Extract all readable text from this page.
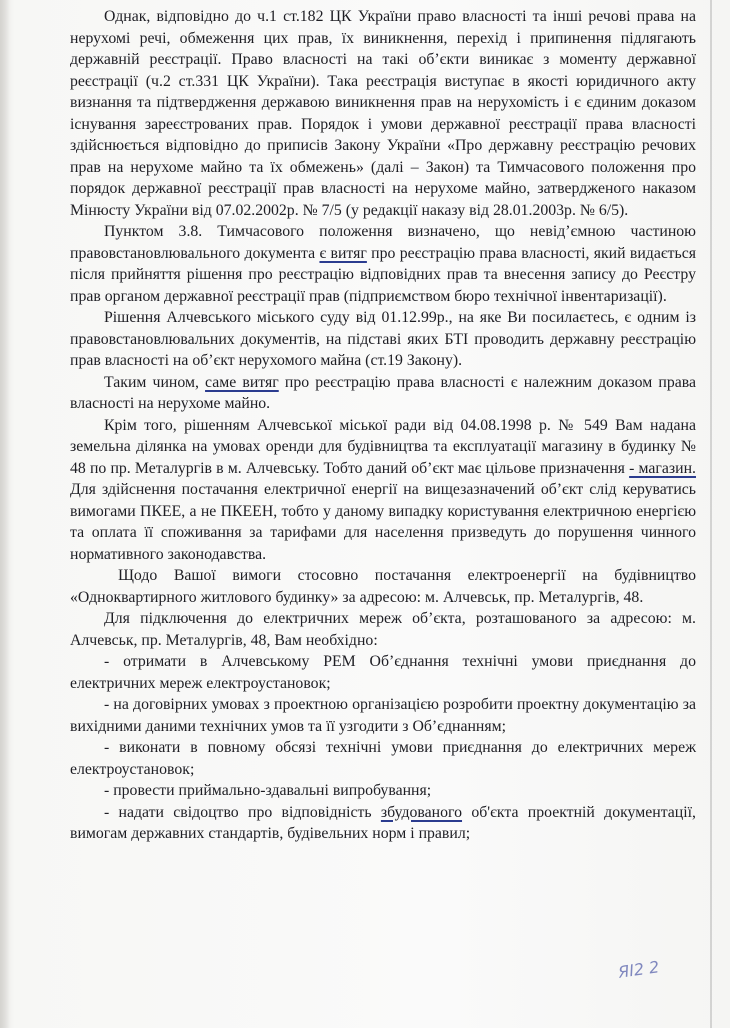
Однак, відповідно до ч.1 ст.182 ЦК України право власності та інші речові права на нерухомі речі, обмеження цих прав, їх виникнення, перехід і припинення підлягають державній реєстрації. Право власності на такі об’єкти виникає з моменту державної реєстрації (ч.2 ст.331 ЦК України). Така реєстрація виступає в якості юридичного акту визнання та підтвердження державою виникнення прав на нерухомість і є єдиним доказом існування зареєстрованих прав. Порядок і умови державної реєстрації права власності здійснюється відповідно до приписів Закону України «Про державну реєстрацію речових прав на нерухоме майно та їх обмежень» (далі – Закон) та Тимчасового положення про порядок державної реєстрації прав власності на нерухоме майно, затвердженого наказом Мінюсту України від 07.02.2002р. № 7/5 (у редакції наказу від 28.01.2003р. № 6/5).

Пунктом 3.8. Тимчасового положення визначено, що невід’ємною частиною правовстановлювального документа є витяг про реєстрацію права власності, який видається після прийняття рішення про реєстрацію відповідних прав та внесення запису до Реєстру прав органом державної реєстрації прав (підприємством бюро технічної інвентаризації).

Рішення Алчевського міського суду від 01.12.99р., на яке Ви посилаєтесь, є одним із правовстановлювальних документів, на підставі яких БТІ проводить державну реєстрацію прав власності на об’єкт нерухомого майна (ст.19 Закону).

Таким чином, саме витяг про реєстрацію права власності є належним доказом права власності на нерухоме майно.

Крім того, рішенням Алчевської міської ради від 04.08.1998 р. № 549 Вам надана земельна ділянка на умовах оренди для будівництва та експлуатації магазину в будинку № 48 по пр. Металургів в м. Алчевську. Тобто даний об’єкт має цільове призначення - магазин. Для здійснення постачання електричної енергії на вищезазначений об’єкт слід керуватись вимогами ПКЕЕ, а не ПКЕЕН, тобто у даному випадку користування електричною енергією та оплата її споживання за тарифами для населення призведуть до порушення чинного нормативного законодавства.

Щодо Вашої вимоги стосовно постачання електроенергії на будівництво «Одноквартирного житлового будинку» за адресою: м. Алчевськ, пр. Металургів, 48.

Для підключення до електричних мереж об’єкта, розташованого за адресою: м. Алчевськ, пр. Металургів, 48, Вам необхідно:

- отримати в Алчевському РЕМ Об’єднання технічні умови приєднання до електричних мереж електроустановок;

- на договірних умовах з проектною організацією розробити проектну документацію за вихідними даними технічних умов та її узгодити з Об’єднанням;

- виконати в повному обсязі технічні умови приєднання до електричних мереж електроустановок;

- провести приймально-здавальні випробування;

- надати свідоцтво про відповідність збудованого об'єкта проектній документації, вимогам державних стандартів, будівельних норм і правил;

ЯІ2 2
